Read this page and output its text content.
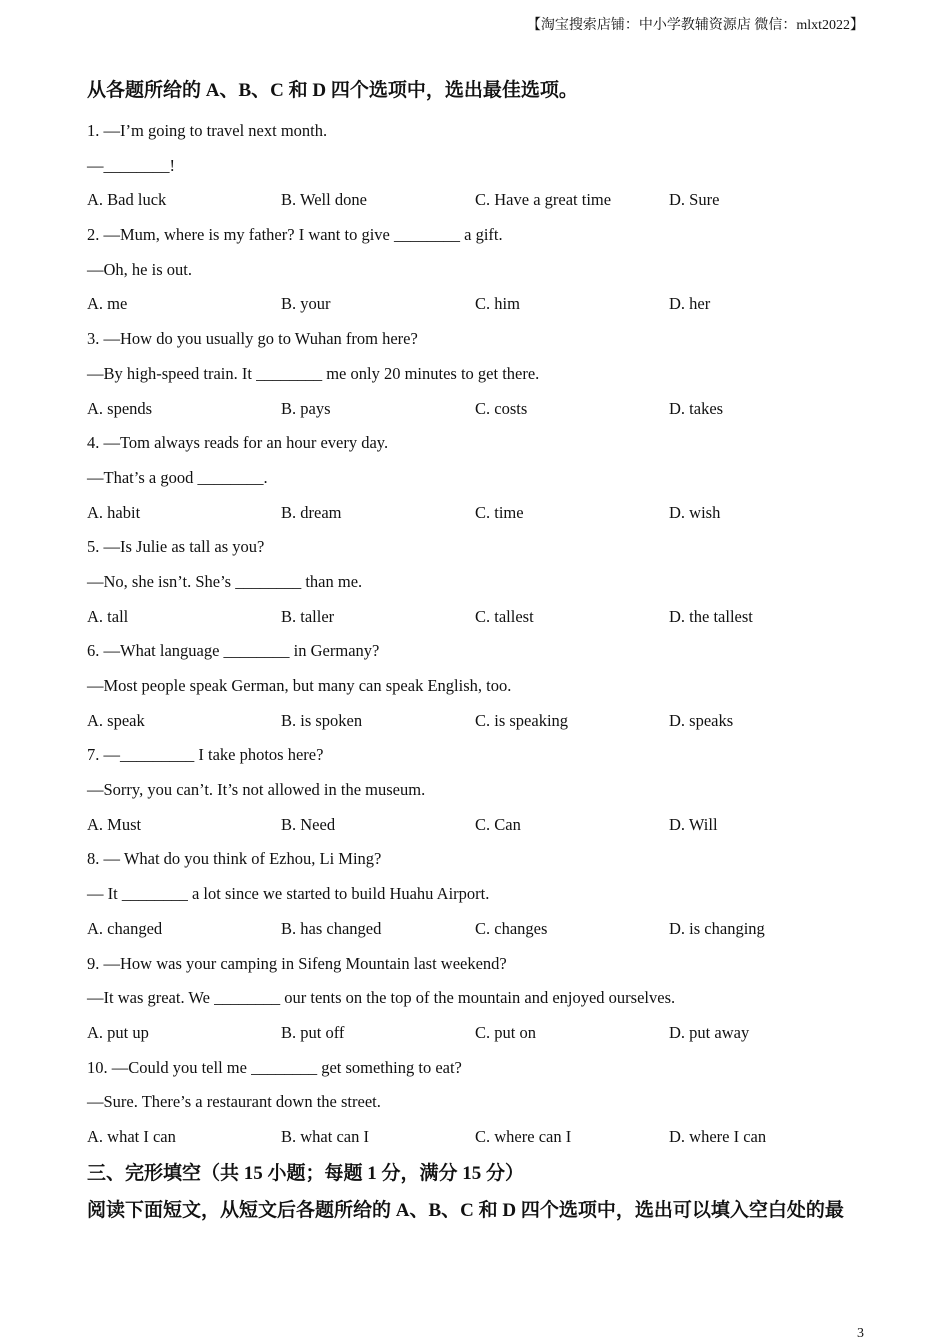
【淘宝搜索店铺：中小学教辅资源店 微信：mlxt2022】
从各题所给的 A、B、C 和 D 四个选项中，选出最佳选项。
1. —I’m going to travel next month.
—________!
A. Bad luck	B. Well done	C. Have a great time	D. Sure
2. —Mum, where is my father? I want to give ________ a gift.
—Oh, he is out.
A. me	B. your	C. him	D. her
3. —How do you usually go to Wuhan from here?
—By high-speed train. It ________ me only 20 minutes to get there.
A. spends	B. pays	C. costs	D. takes
4. —Tom always reads for an hour every day.
—That’s a good ________.
A. habit	B. dream	C. time	D. wish
5. —Is Julie as tall as you?
—No, she isn’t. She’s ________ than me.
A. tall	B. taller	C. tallest	D. the tallest
6. —What language ________ in Germany?
—Most people speak German, but many can speak English, too.
A. speak	B. is spoken	C. is speaking	D. speaks
7. —_________ I take photos here?
—Sorry, you can’t. It’s not allowed in the museum.
A. Must	B. Need	C. Can	D. Will
8. — What do you think of Ezhou, Li Ming?
— It ________ a lot since we started to build Huahu Airport.
A. changed	B. has changed	C. changes	D. is changing
9. —How was your camping in Sifeng Mountain last weekend?
—It was great. We ________ our tents on the top of the mountain and enjoyed ourselves.
A. put up	B. put off	C. put on	D. put away
10. —Could you tell me ________ get something to eat?
—Sure. There’s a restaurant down the street.
A. what I can	B. what can I	C. where can I	D. where I can
三、完形填空（共 15 小题；每题 1 分，满分 15 分）
阅读下面短文，从短文后各题所给的 A、B、C 和 D 四个选项中，选出可以填入空白处的最
3
